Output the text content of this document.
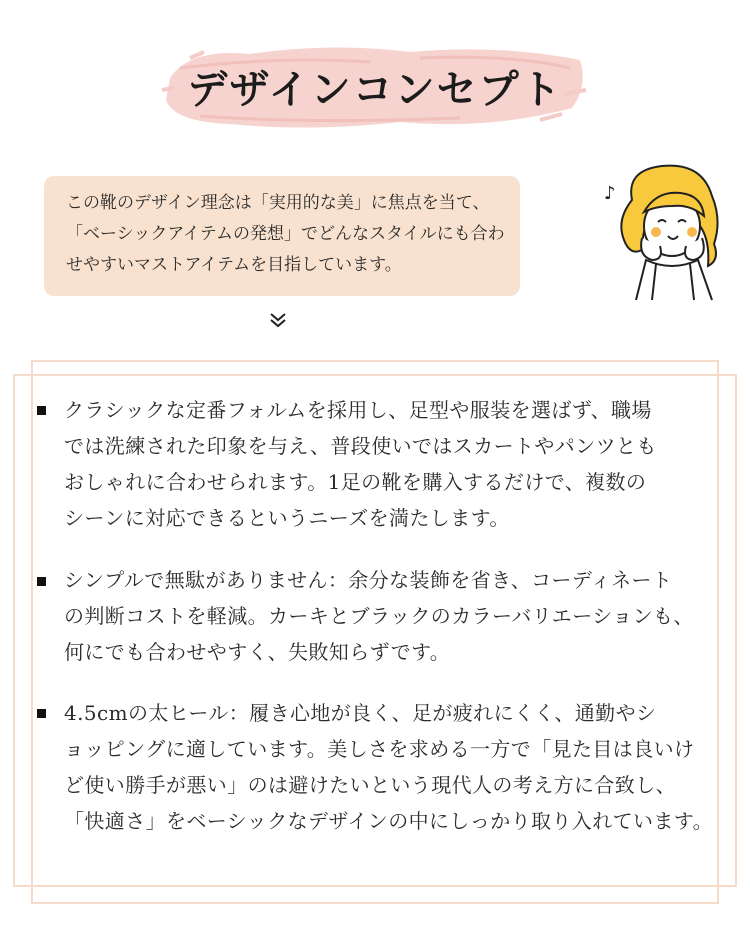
デザインコンセプト
この靴のデザイン理念は「実用的な美」に焦点を当て、
「ベーシックアイテムの発想」でどんなスタイルにも合わ
せやすいマストアイテムを目指しています。
♪
クラシックな定番フォルムを採用し、足型や服装を選ばず、職場
では洗練された印象を与え、普段使いではスカートやパンツとも
おしゃれに合わせられます。1足の靴を購入するだけで、複数の
シーンに対応できるというニーズを満たします。
シンプルで無駄がありません：余分な装飾を省き、コーディネート
の判断コストを軽減。カーキとブラックのカラーバリエーションも、
何にでも合わせやすく、失敗知らずです。
4.5cmの太ヒール：履き心地が良く、足が疲れにくく、通勤やシ
ョッピングに適しています。美しさを求める一方で「見た目は良いけ
ど使い勝手が悪い」のは避けたいという現代人の考え方に合致し、
「快適さ」をベーシックなデザインの中にしっかり取り入れています。
